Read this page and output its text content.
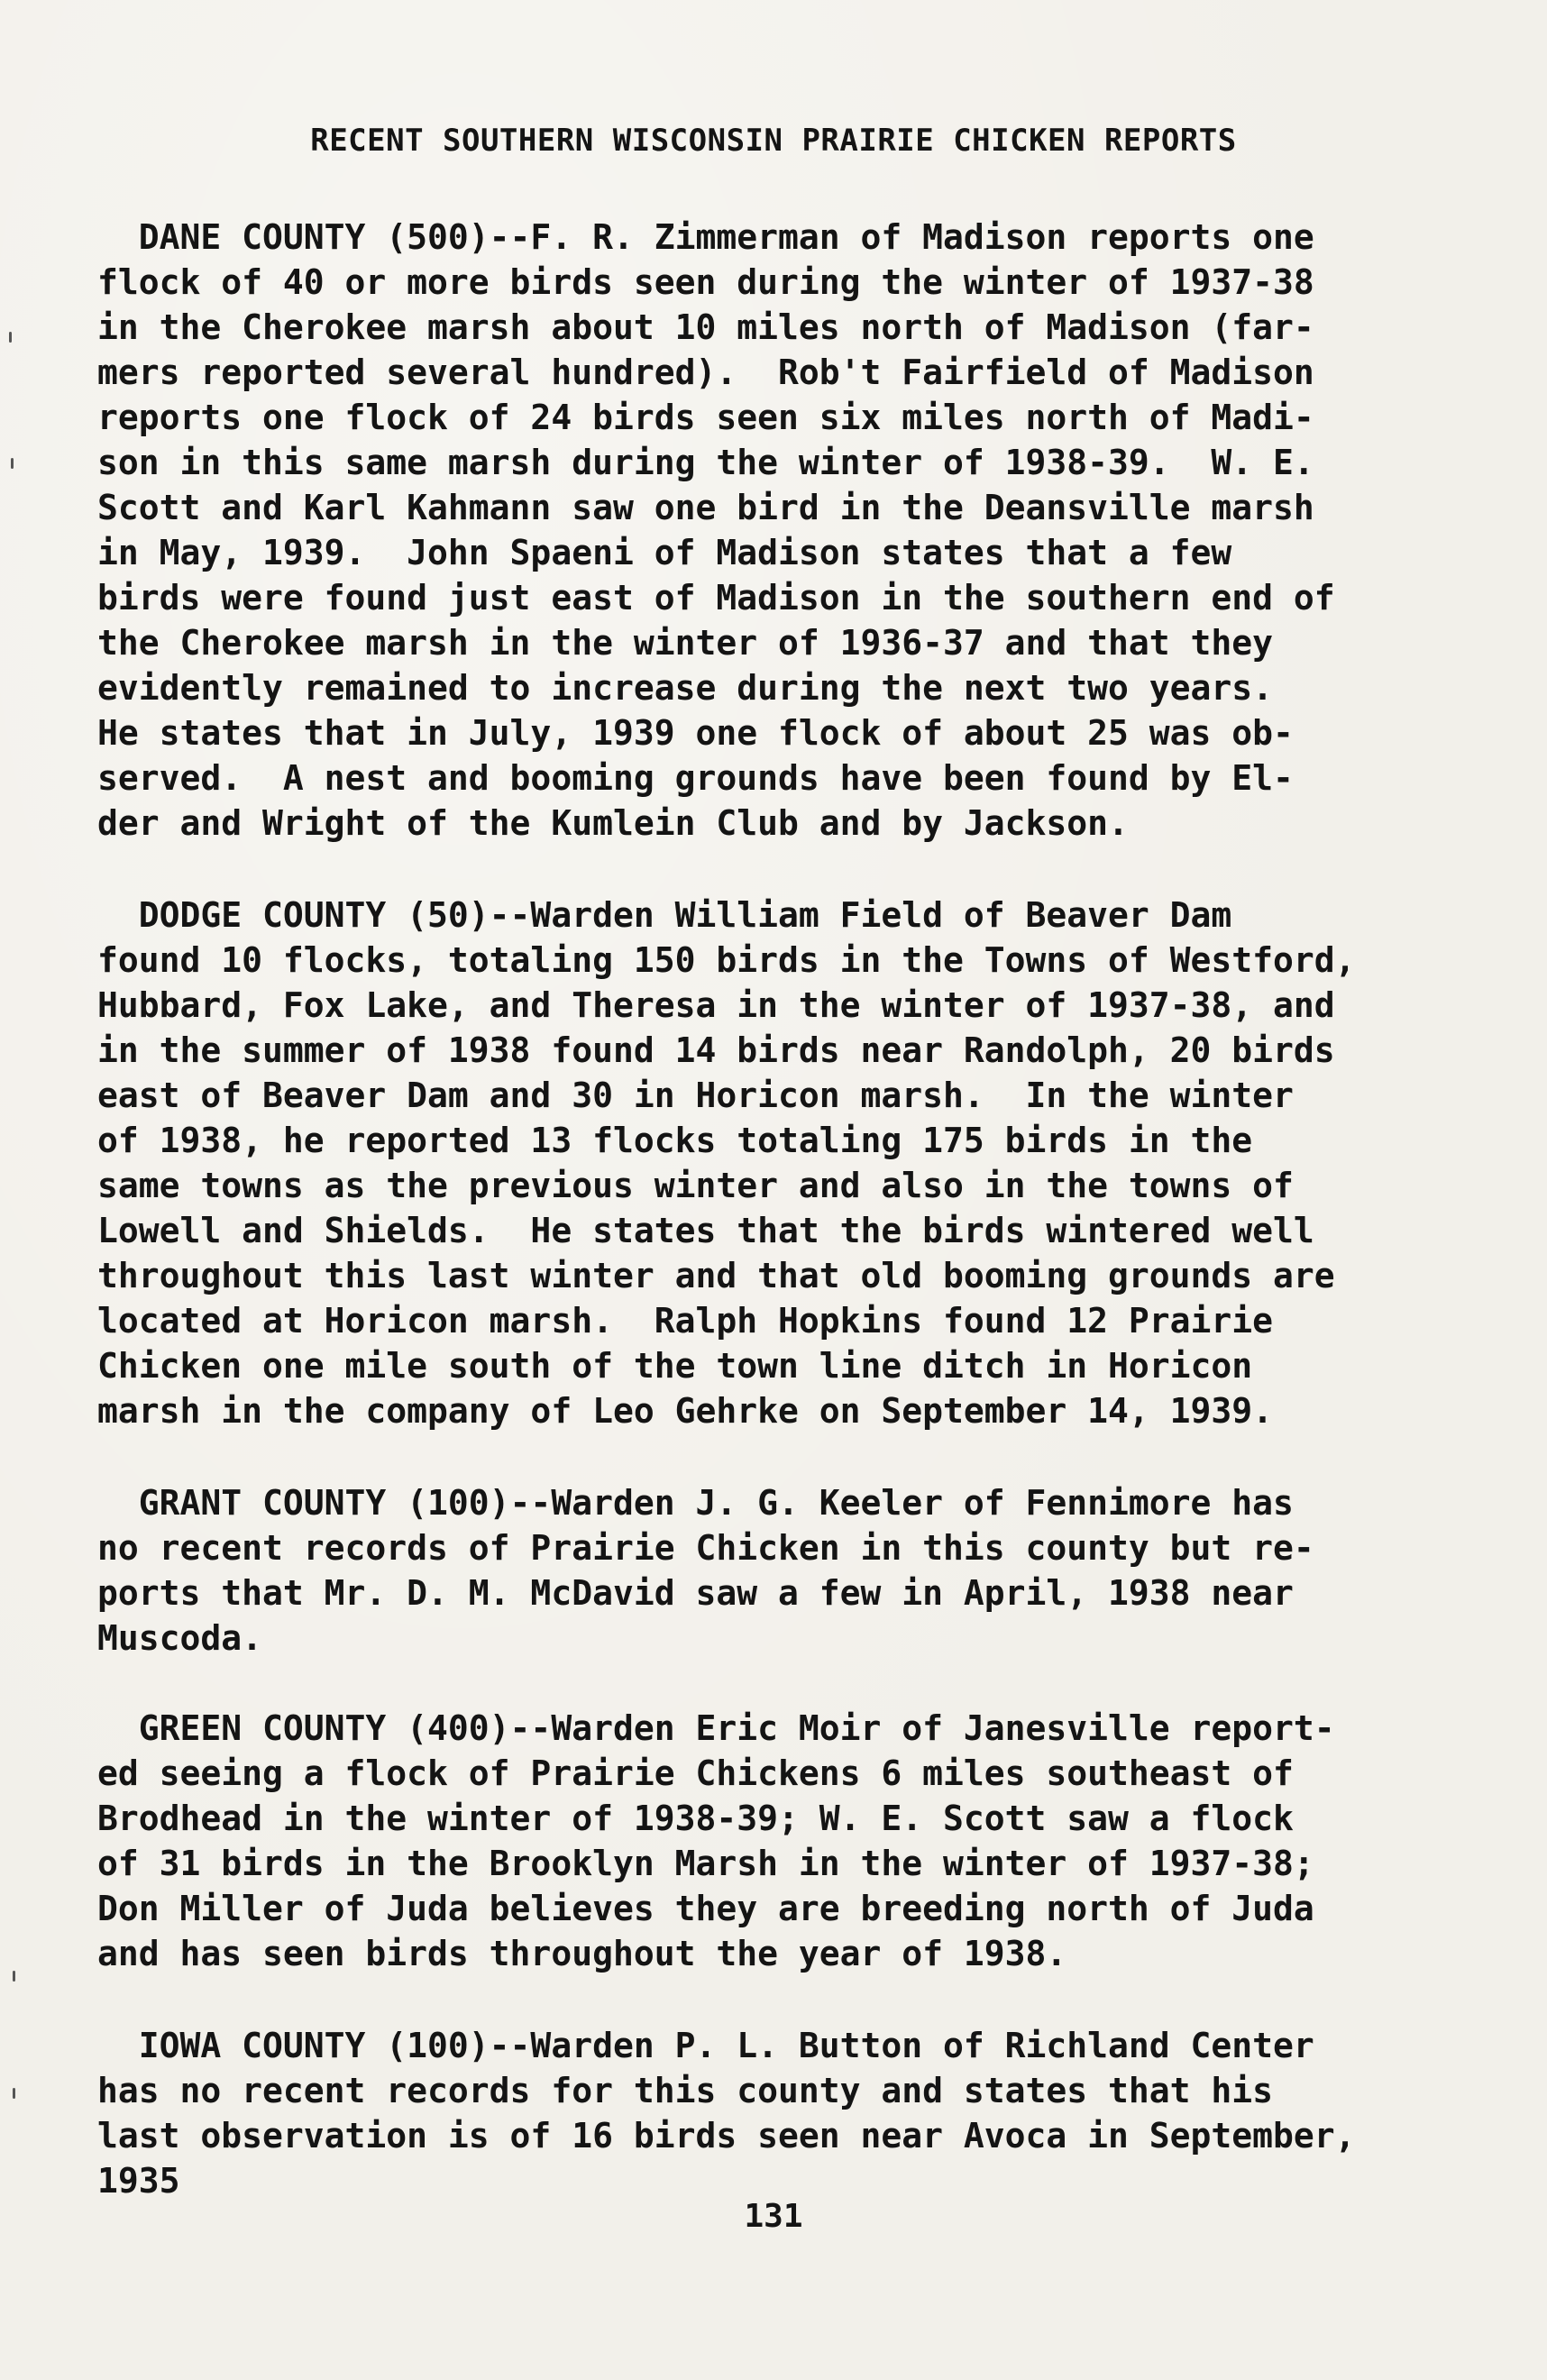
RECENT SOUTHERN WISCONSIN PRAIRIE CHICKEN REPORTS

DANE COUNTY (500)--F. R. Zimmerman of Madison reports one
flock of 40 or more birds seen during the winter of 1937-38
in the Cherokee marsh about 10 miles north of Madison (far-
mers reported several hundred).  Rob't Fairfield of Madison
reports one flock of 24 birds seen six miles north of Madi-
son in this same marsh during the winter of 1938-39.  W. E.
Scott and Karl Kahmann saw one bird in the Deansville marsh
in May, 1939.  John Spaeni of Madison states that a few
birds were found just east of Madison in the southern end of
the Cherokee marsh in the winter of 1936-37 and that they
evidently remained to increase during the next two years.
He states that in July, 1939 one flock of about 25 was ob-
served.  A nest and booming grounds have been found by El-
der and Wright of the Kumlein Club and by Jackson.

DODGE COUNTY (50)--Warden William Field of Beaver Dam
found 10 flocks, totaling 150 birds in the Towns of Westford,
Hubbard, Fox Lake, and Theresa in the winter of 1937-38, and
in the summer of 1938 found 14 birds near Randolph, 20 birds
east of Beaver Dam and 30 in Horicon marsh.  In the winter
of 1938, he reported 13 flocks totaling 175 birds in the
same towns as the previous winter and also in the towns of
Lowell and Shields.  He states that the birds wintered well
throughout this last winter and that old booming grounds are
located at Horicon marsh.  Ralph Hopkins found 12 Prairie
Chicken one mile south of the town line ditch in Horicon
marsh in the company of Leo Gehrke on September 14, 1939.

GRANT COUNTY (100)--Warden J. G. Keeler of Fennimore has
no recent records of Prairie Chicken in this county but re-
ports that Mr. D. M. McDavid saw a few in April, 1938 near
Muscoda.

GREEN COUNTY (400)--Warden Eric Moir of Janesville report-
ed seeing a flock of Prairie Chickens 6 miles southeast of
Brodhead in the winter of 1938-39; W. E. Scott saw a flock
of 31 birds in the Brooklyn Marsh in the winter of 1937-38;
Don Miller of Juda believes they are breeding north of Juda
and has seen birds throughout the year of 1938.

IOWA COUNTY (100)--Warden P. L. Button of Richland Center
has no recent records for this county and states that his
last observation is of 16 birds seen near Avoca in September,
1935

131
